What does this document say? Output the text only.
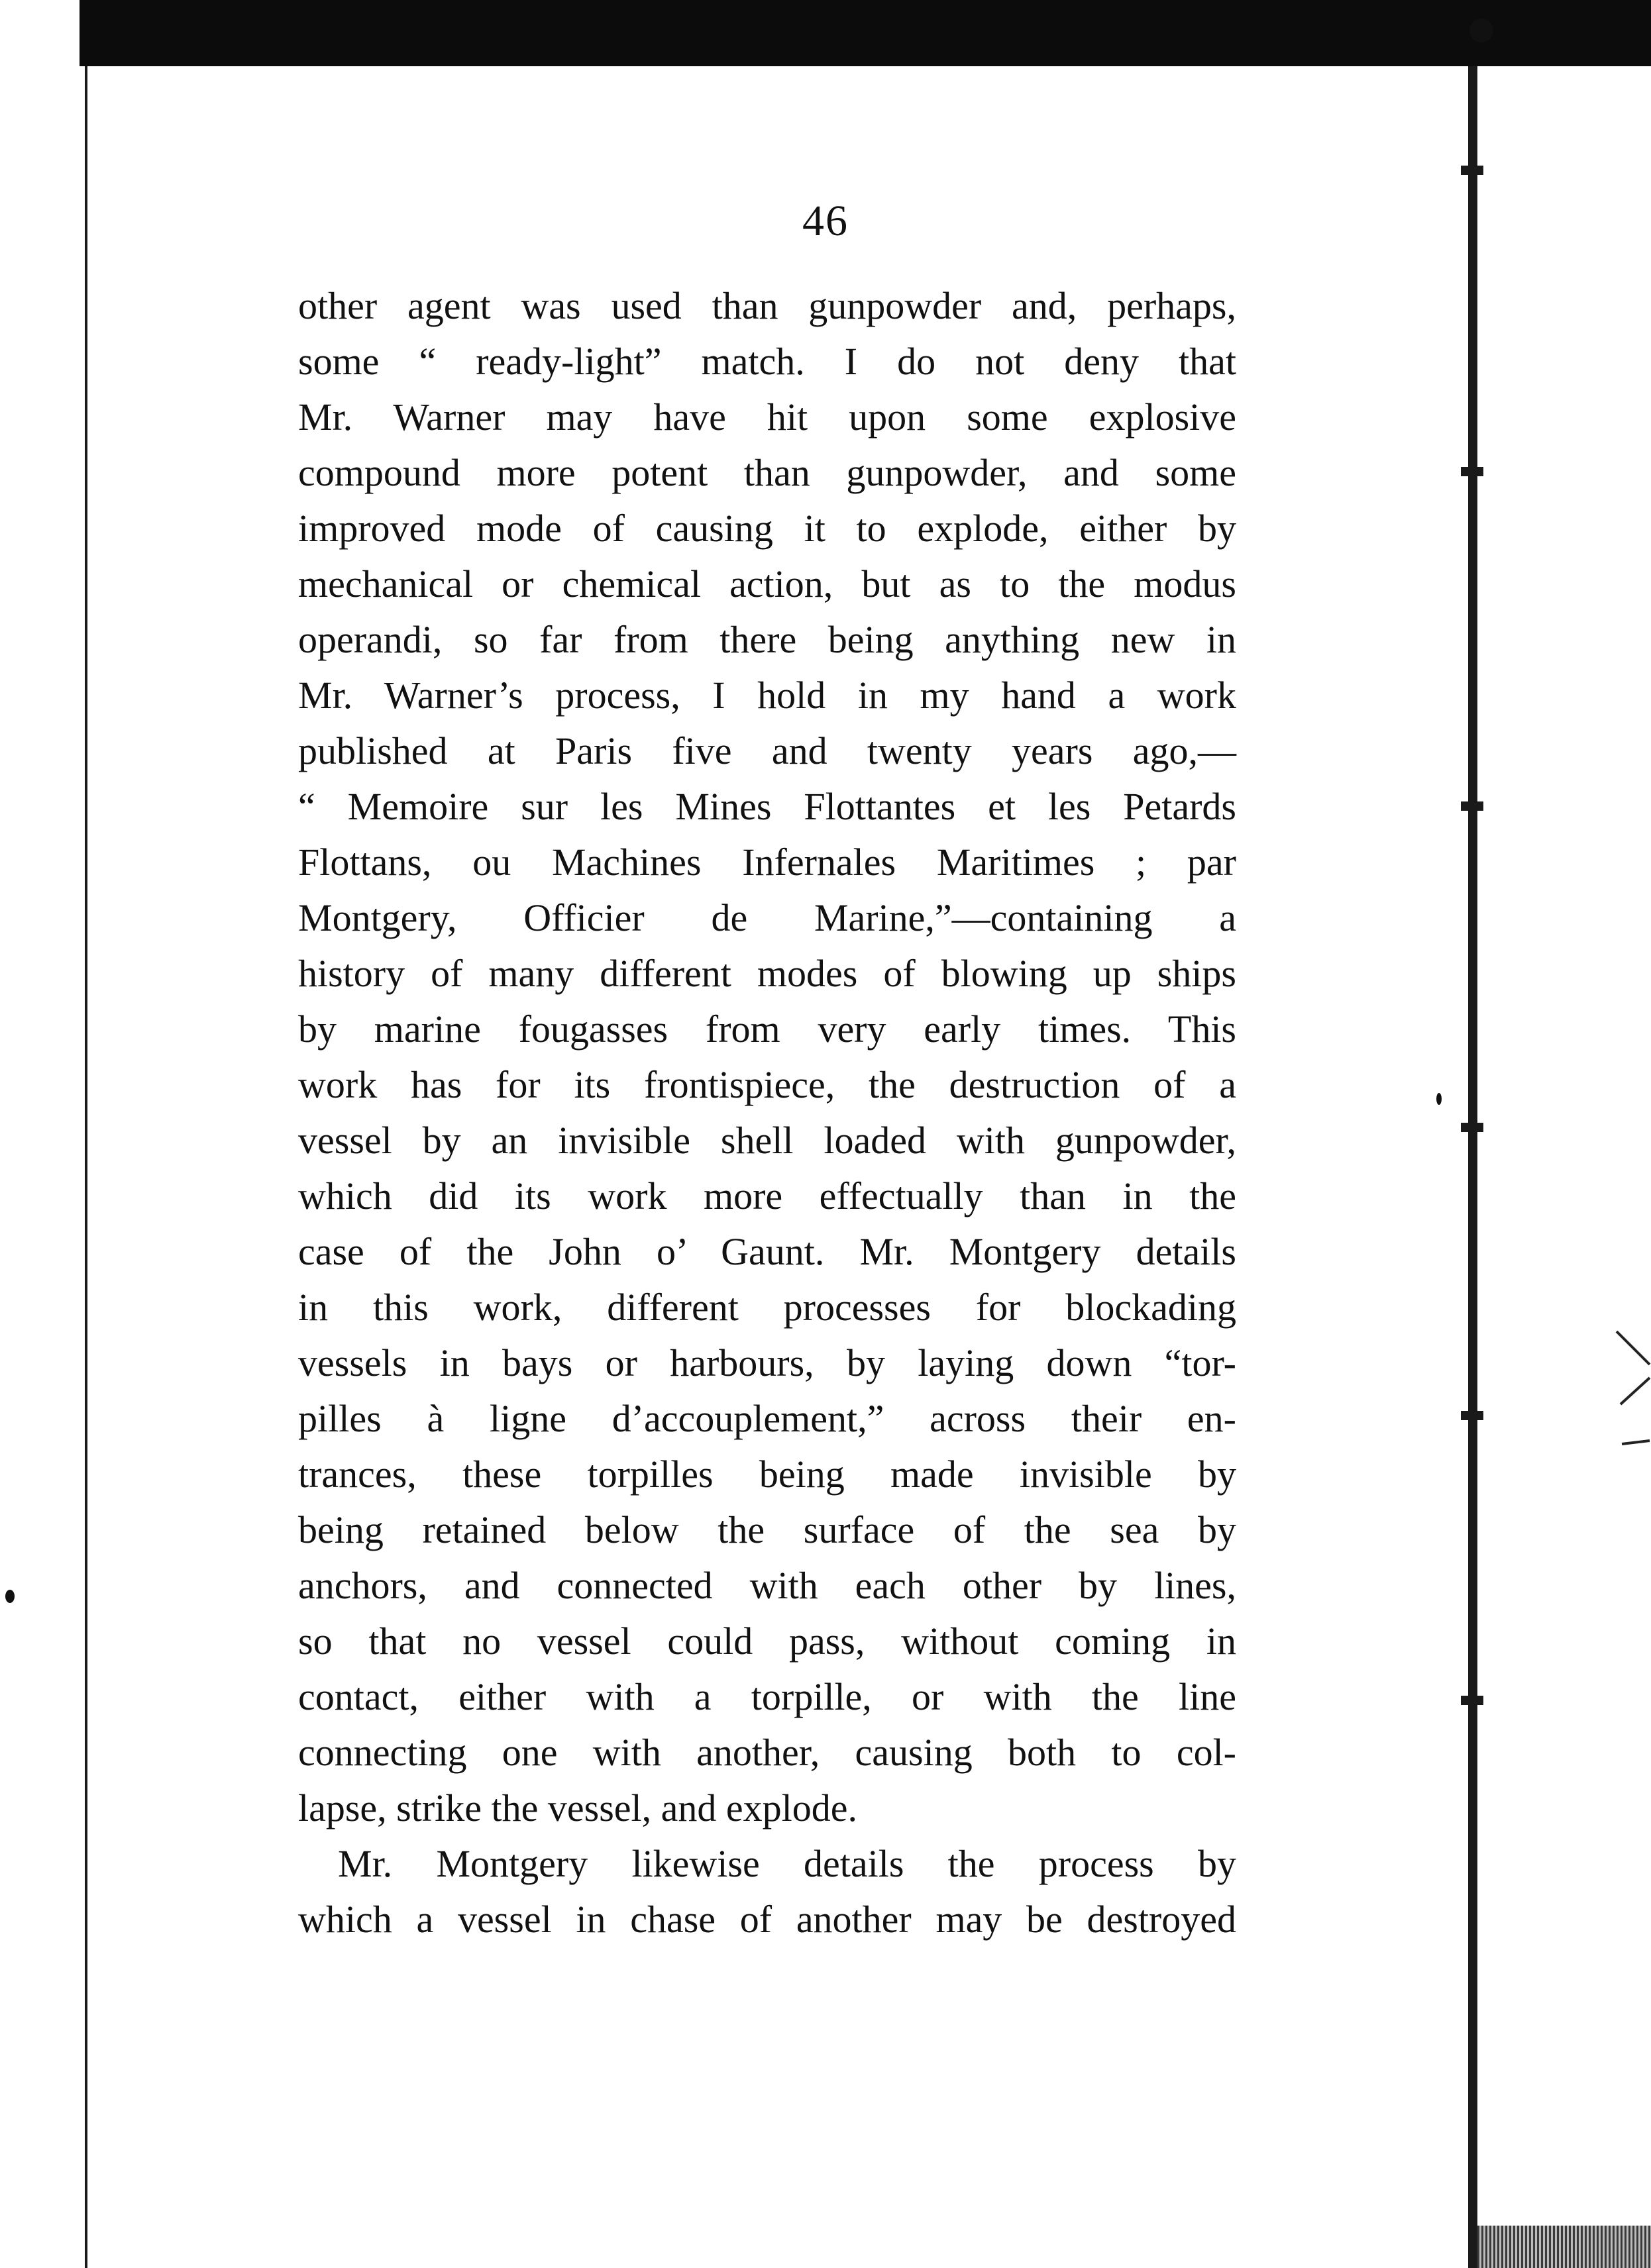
46
other agent was used than gunpowder and, perhaps,
some “ ready-light” match. I do not deny that
Mr. Warner may have hit upon some explosive
compound more potent than gunpowder, and some
improved mode of causing it to explode, either by
mechanical or chemical action, but as to the modus
operandi, so far from there being anything new in
Mr. Warner’s process, I hold in my hand a work
published at Paris five and twenty years ago,—
“ Memoire sur les Mines Flottantes et les Petards
Flottans, ou Machines Infernales Maritimes ; par
Montgery, Officier de Marine,”—containing a
history of many different modes of blowing up ships
by marine fougasses from very early times. This
work has for its frontispiece, the destruction of a
vessel by an invisible shell loaded with gunpowder,
which did its work more effectually than in the
case of the John o’ Gaunt. Mr. Montgery details
in this work, different processes for blockading
vessels in bays or harbours, by laying down “tor-
pilles à ligne d’accouplement,” across their en-
trances, these torpilles being made invisible by
being retained below the surface of the sea by
anchors, and connected with each other by lines,
so that no vessel could pass, without coming in
contact, either with a torpille, or with the line
connecting one with another, causing both to col-
lapse, strike the vessel, and explode.
Mr. Montgery likewise details the process by
which a vessel in chase of another may be destroyed
